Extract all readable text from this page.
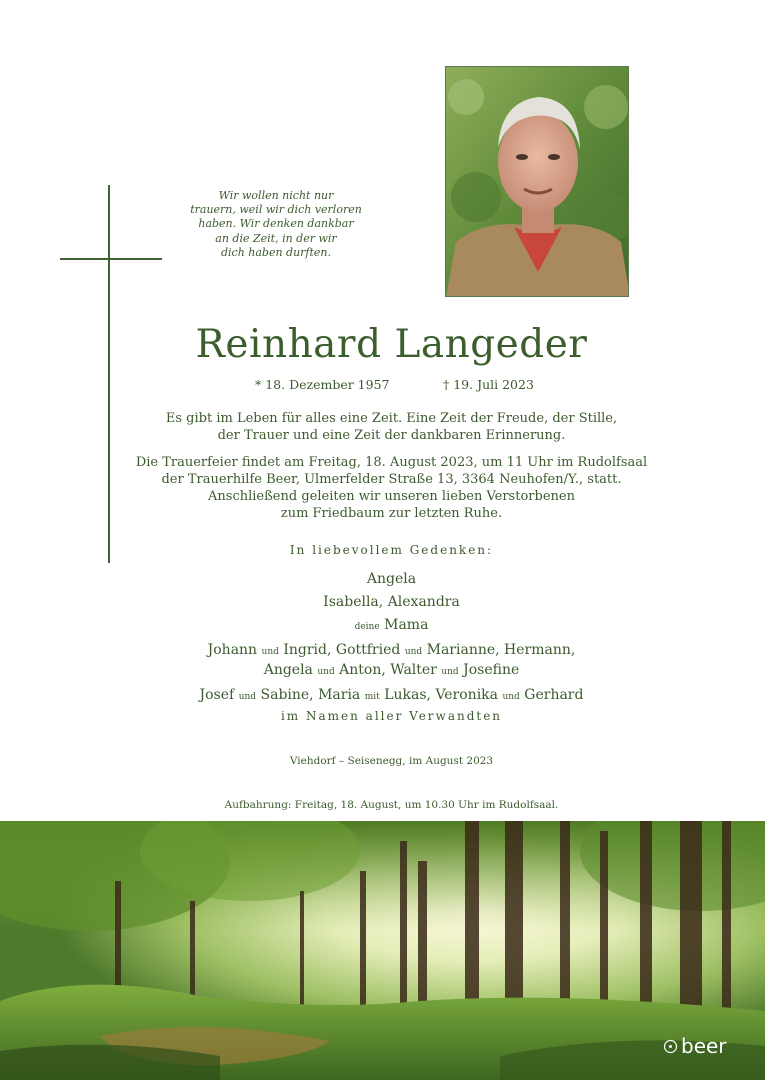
Wir wollen nicht nur
trauern, weil wir dich verloren
haben. Wir denken dankbar
an die Zeit, in der wir
dich haben durften.
Reinhard Langeder
* 18. Dezember 1957	† 19. Juli 2023
Es gibt im Leben für alles eine Zeit. Eine Zeit der Freude, der Stille,
der Trauer und eine Zeit der dankbaren Erinnerung.
Die Trauerfeier findet am Freitag, 18. August 2023, um 11 Uhr im Rudolfsaal
der Trauerhilfe Beer, Ulmerfelder Straße 13, 3364 Neuhofen/Y., statt.
Anschließend geleiten wir unseren lieben Verstorbenen
zum Friedbaum zur letzten Ruhe.
In liebevollem Gedenken:
Angela
Isabella, Alexandra
deine Mama
Johann und Ingrid, Gottfried und Marianne, Hermann,
Angela und Anton, Walter und Josefine
Josef und Sabine, Maria mit Lukas, Veronika und Gerhard
im Namen aller Verwandten
Viehdorf – Seisenegg, im August 2023
Aufbahrung: Freitag, 18. August, um 10.30 Uhr im Rudolfsaal.
beer
